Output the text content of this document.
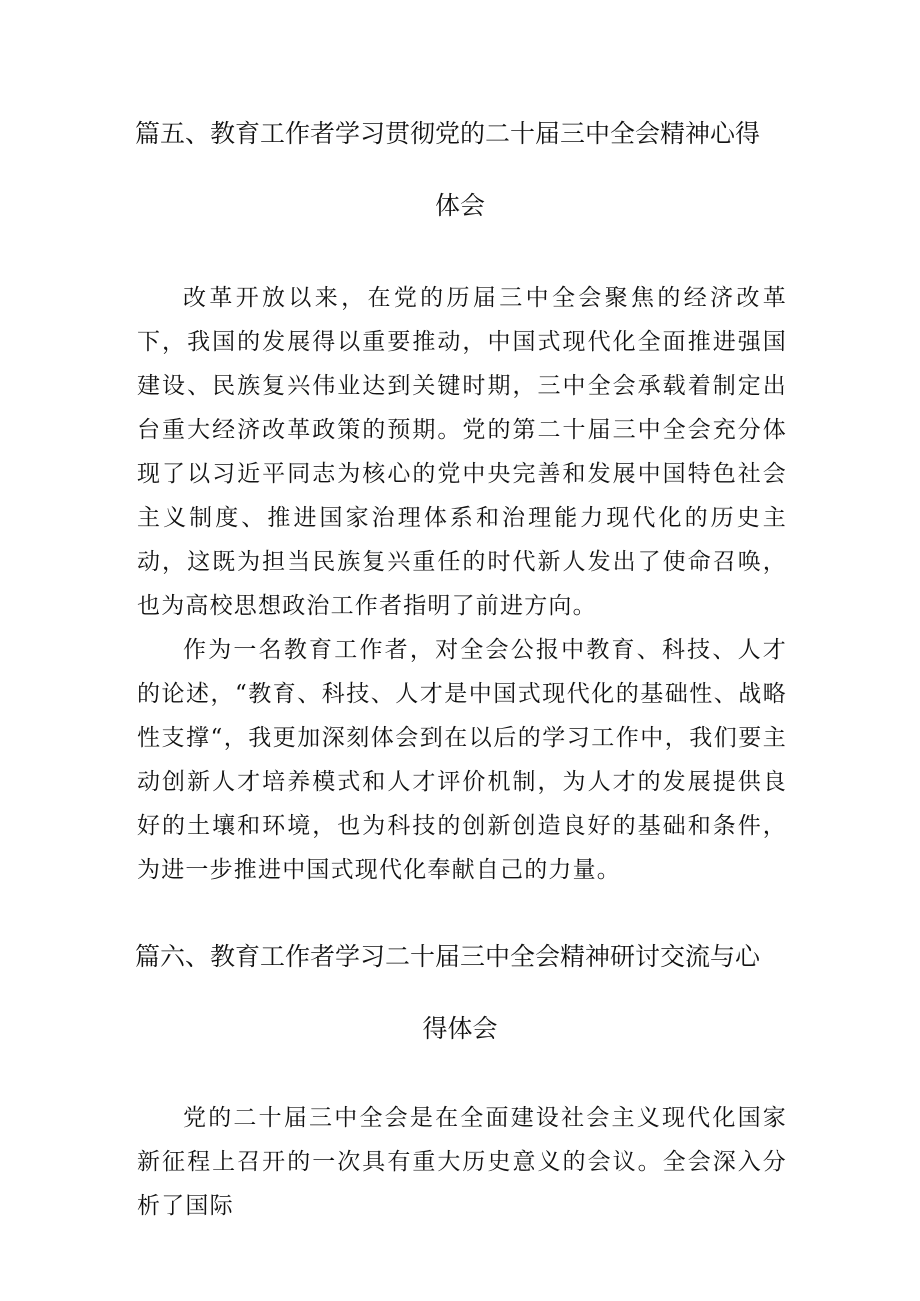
篇五、教育工作者学习贯彻党的二十届三中全会精神心得
体会

改革开放以来，在党的历届三中全会聚焦的经济改革下，我国的发展得以重要推动，中国式现代化全面推进强国建设、民族复兴伟业达到关键时期，三中全会承载着制定出台重大经济改革政策的预期。党的第二十届三中全会充分体现了以习近平同志为核心的党中央完善和发展中国特色社会主义制度、推进国家治理体系和治理能力现代化的历史主动，这既为担当民族复兴重任的时代新人发出了使命召唤，也为高校思想政治工作者指明了前进方向。

作为一名教育工作者，对全会公报中教育、科技、人才的论述，“教育、科技、人才是中国式现代化的基础性、战略性支撑“，我更加深刻体会到在以后的学习工作中，我们要主动创新人才培养模式和人才评价机制，为人才的发展提供良好的土壤和环境，也为科技的创新创造良好的基础和条件，为进一步推进中国式现代化奉献自己的力量。

篇六、教育工作者学习二十届三中全会精神研讨交流与心
得体会

党的二十届三中全会是在全面建设社会主义现代化国家新征程上召开的一次具有重大历史意义的会议。全会深入分析了国际
